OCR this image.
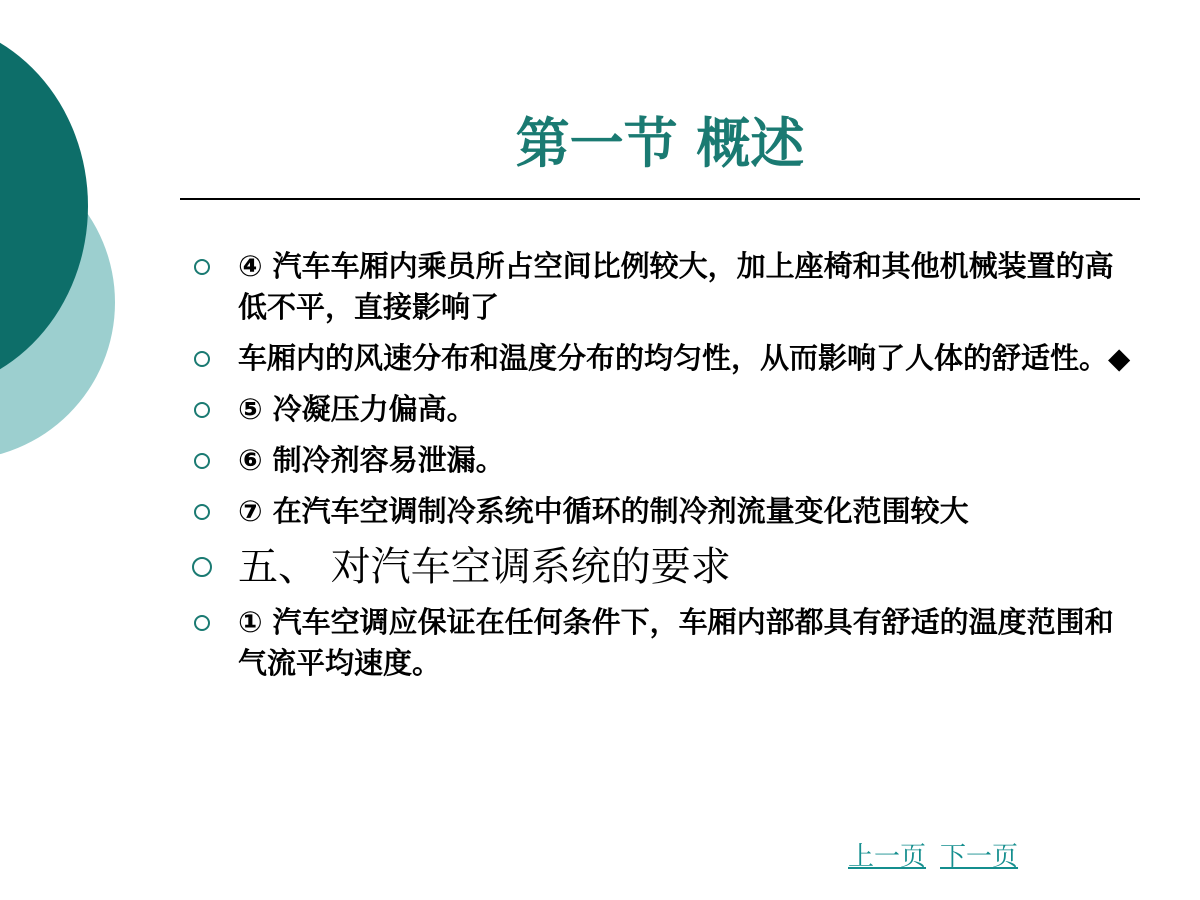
第一节 概述
④ 汽车车厢内乘员所占空间比例较大，加上座椅和其他机械装置的高低不平，直接影响了
车厢内的风速分布和温度分布的均匀性，从而影响了人体的舒适性。◆
⑤ 冷凝压力偏高。
⑥ 制冷剂容易泄漏。
⑦ 在汽车空调制冷系统中循环的制冷剂流量变化范围较大
五、 对汽车空调系统的要求
① 汽车空调应保证在任何条件下，车厢内部都具有舒适的温度范围和气流平均速度。
上一页 下一页
